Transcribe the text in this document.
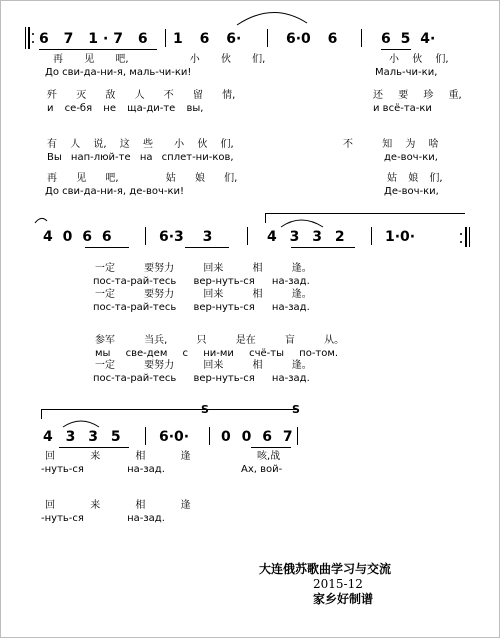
6 7 1·7 6 1 6 6·	6·0 6	6 5 4·
再 见 吧,	小 伙 们,	小 伙 们,
До сви-да-ни-я, маль-чи-ки!	Маль-чи-ки,
歼 灭 敌 人 不 留 情,	还 要 珍 重,
и се-бя не ща-ди-те вы,	и всё-та-ки
有 人 说, 这 些 小 伙 们,	不	知 为 啥
Вы нап-люй-те на сплет-ни-ков,	де-воч-ки,
再 见 吧,	姑 娘 们,	姑 娘 们,
До сви-да-ни-я, де-воч-ки!	Де-воч-ки,
4 0 6 6	6·3 3	4 3 3 2	1·0·
一定 要努力 回来 相 逢。
пос-та-рай-тесь вер-нуть-ся на-зад.
一定 要努力 回来 相 逢。
пос-та-рай-тесь вер-нуть-ся на-зад.
参军 当兵, 只 是在 盲 从。
мы све-дем с ни-ми счё-ты по-том.
一定 要努力 回来 相 逢。
пос-та-рай-тесь вер-нуть-ся на-зад.
S	S
4 3 3 5	6·0· 0 0 6 7
回	来	相	逢	咳,战
-нуть-ся на-зад.	Ах, вой-
回	来	相	逢
-нуть-ся на-зад.
大连俄苏歌曲学习与交流
2015-12
家乡好制谱
